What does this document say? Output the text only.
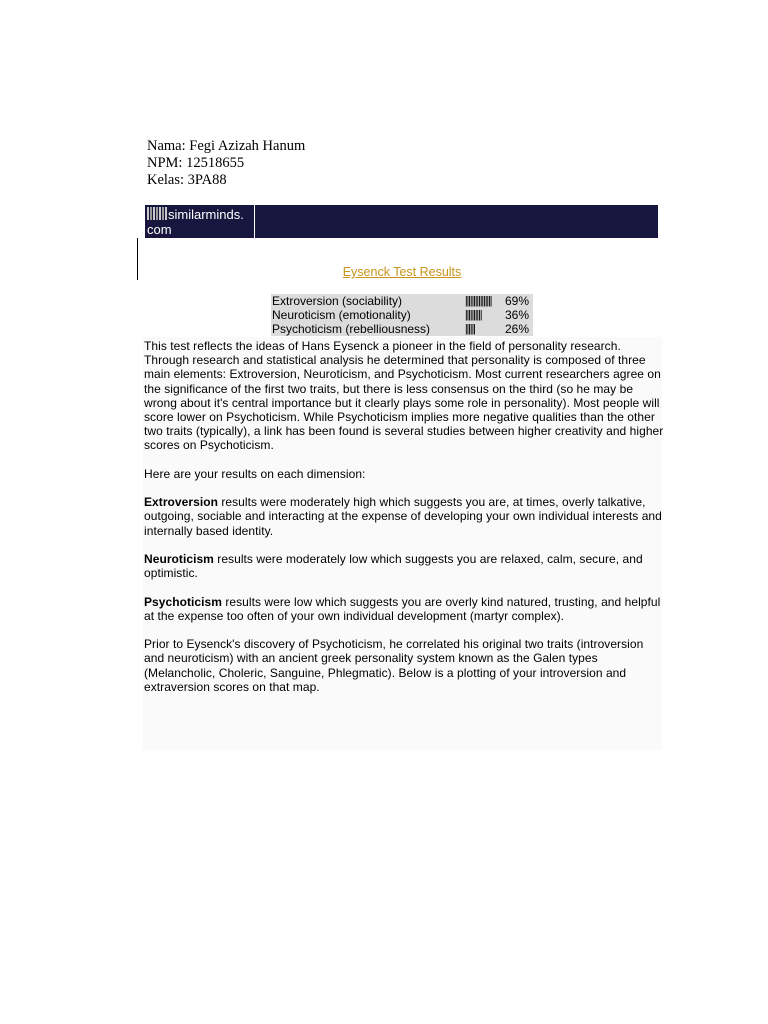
Nama: Fegi Azizah Hanum
NPM: 12518655
Kelas: 3PA88
similarminds.
com
Eysenck Test Results
Extroversion (sociability)	||||||||||||||||	69%
Neuroticism (emotionality)	||||||||||	36%
Psychoticism (rebelliousness)	||||||	26%

This test reflects the ideas of Hans Eysenck a pioneer in the field of personality research. Through research and statistical analysis he determined that personality is composed of three main elements: Extroversion, Neuroticism, and Psychoticism. Most current researchers agree on the significance of the first two traits, but there is less consensus on the third (so he may be wrong about it's central importance but it clearly plays some role in personality). Most people will score lower on Psychoticism. While Psychoticism implies more negative qualities than the other two traits (typically), a link has been found is several studies between higher creativity and higher scores on Psychoticism.

Here are your results on each dimension:

Extroversion results were moderately high which suggests you are, at times, overly talkative, outgoing, sociable and interacting at the expense of developing your own individual interests and internally based identity.

Neuroticism results were moderately low which suggests you are relaxed, calm, secure, and optimistic.

Psychoticism results were low which suggests you are overly kind natured, trusting, and helpful at the expense too often of your own individual development (martyr complex).

Prior to Eysenck's discovery of Psychoticism, he correlated his original two traits (introversion and neuroticism) with an ancient greek personality system known as the Galen types (Melancholic, Choleric, Sanguine, Phlegmatic). Below is a plotting of your introversion and extraversion scores on that map.
